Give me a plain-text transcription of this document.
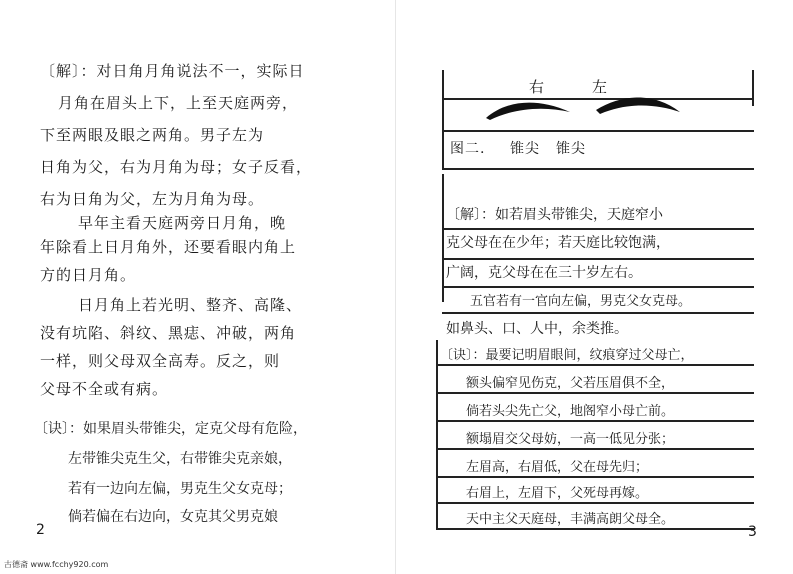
〔解〕：对日角月角说法不一，实际日
月角在眉头上下，上至天庭两旁，
下至两眼及眼之两角。男子左为
日角为父，右为月角为母；女子反看，
右为日角为父，左为月角为母。
早年主看天庭两旁日月角，晚
年除看上日月角外，还要看眼内角上
方的日月角。
日月角上若光明、整齐、高隆、
没有坑陷、斜纹、黑痣、冲破，两角
一样，则父母双全高寿。反之，则
父母不全或有病。
〔诀〕：如果眉头带锥尖，定克父母有危险，
左带锥尖克生父，右带锥尖克亲娘，
若有一边向左偏，男克生父女克母；
倘若偏在右边向，女克其父男克娘
2
右	左
图二. 锥尖 锥尖
〔解〕：如若眉头带锥尖，天庭窄小
克父母在在少年；若天庭比较饱满，
广阔，克父母在在三十岁左右。
五官若有一官向左偏，男克父女克母。
如鼻头、口、人中，余类推。
〔诀〕：最要记明眉眼间，纹痕穿过父母亡，
额头偏窄见伤克，父若压眉俱不全，
倘若头尖先亡父，地阁窄小母亡前。
额塌眉交父母妨，一高一低见分张；
左眉高，右眉低，父在母先归；
右眉上，左眉下，父死母再嫁。
天中主父天庭母，丰满高朗父母全。
3
古德斋 www.fcchy920.com
